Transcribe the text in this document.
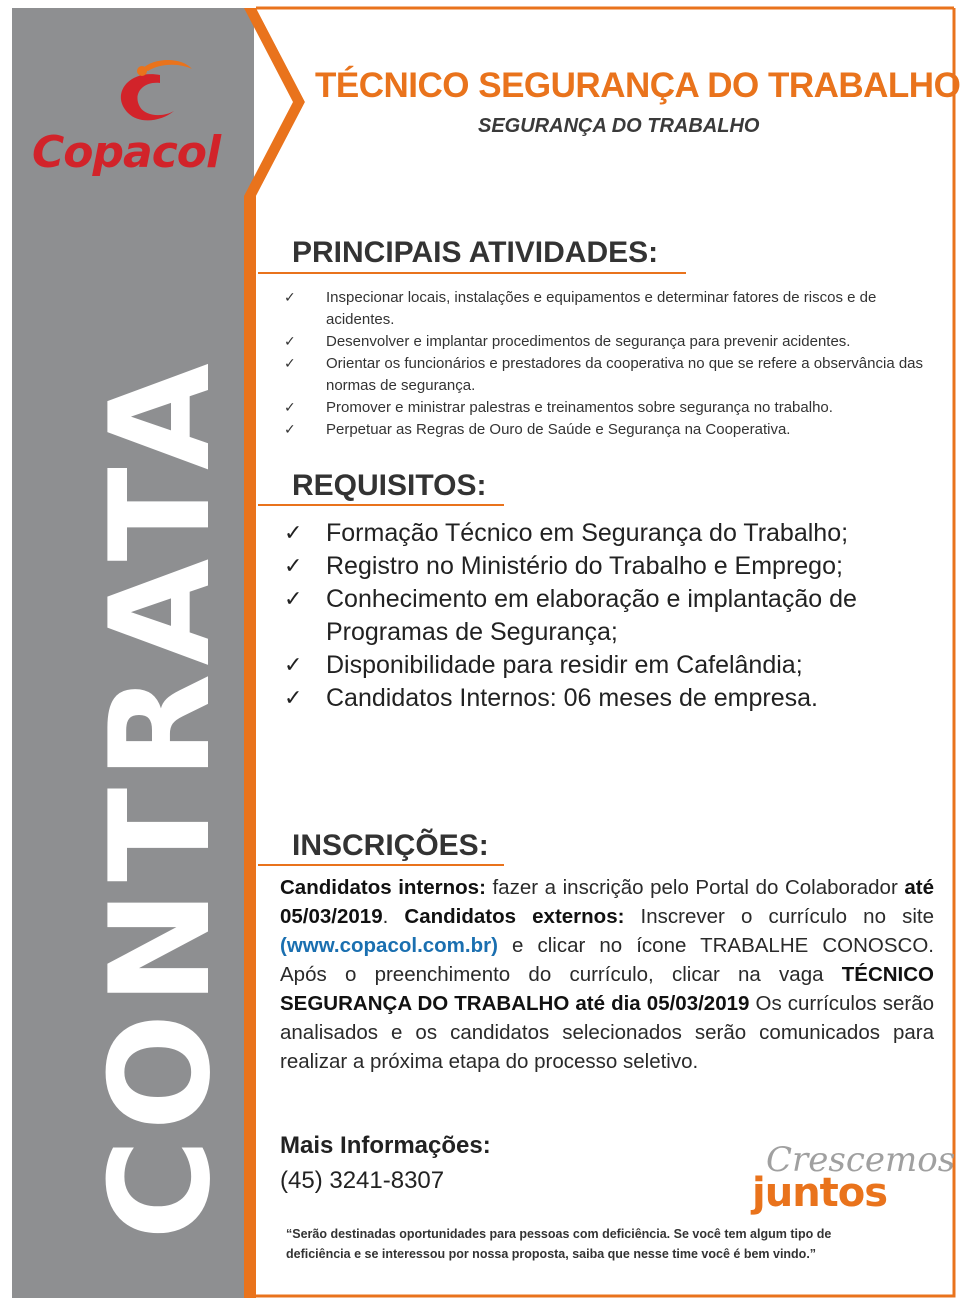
Copacol
CONTRATA
TÉCNICO SEGURANÇA DO TRABALHO
SEGURANÇA DO TRABALHO
PRINCIPAIS ATIVIDADES:
✓ Inspecionar locais, instalações e equipamentos e determinar fatores de riscos e de acidentes.
✓ Desenvolver e implantar procedimentos de segurança para prevenir acidentes.
✓ Orientar os funcionários e prestadores da cooperativa no que se refere a observância das normas de segurança.
✓ Promover e ministrar palestras e treinamentos sobre segurança no trabalho.
✓ Perpetuar as Regras de Ouro de Saúde e Segurança na Cooperativa.
REQUISITOS:
✓ Formação Técnico em Segurança do Trabalho;
✓ Registro no Ministério do Trabalho e Emprego;
✓ Conhecimento em elaboração e implantação de Programas de Segurança;
✓ Disponibilidade para residir em Cafelândia;
✓ Candidatos Internos: 06 meses de empresa.
INSCRIÇÕES:
Candidatos internos: fazer a inscrição pelo Portal do Colaborador até 05/03/2019. Candidatos externos: Inscrever o currículo no site (www.copacol.com.br) e clicar no ícone TRABALHE CONOSCO. Após o preenchimento do currículo, clicar na vaga TÉCNICO SEGURANÇA DO TRABALHO até dia 05/03/2019 Os currículos serão analisados e os candidatos selecionados serão comunicados para realizar a próxima etapa do processo seletivo.
Mais Informações:
(45) 3241-8307
Crescemos
juntos
“Serão destinadas oportunidades para pessoas com deficiência. Se você tem algum tipo de deficiência e se interessou por nossa proposta, saiba que nesse time você é bem vindo.”
